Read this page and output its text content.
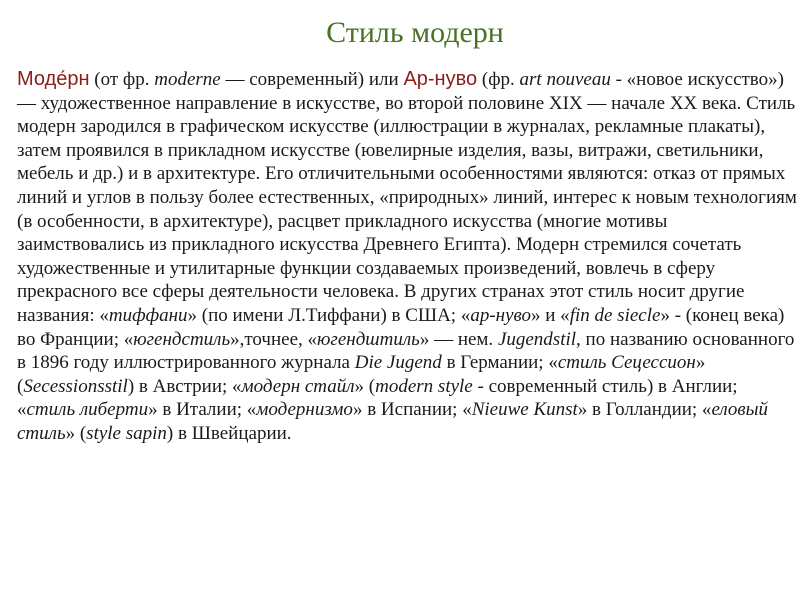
Стиль модерн

Моде́рн (от фр. moderne — современный) или Ар-нуво (фр. art nouveau - «новое искусство») — художественное направление в искусстве, во второй половине XIX — начале XX века. Стиль модерн зародился в графическом искусстве (иллюстрации в журналах, рекламные плакаты), затем проявился в прикладном искусстве (ювелирные изделия, вазы, витражи, светильники, мебель и др.) и в архитектуре. Его отличительными особенностями являются: отказ от прямых линий и углов в пользу более естественных, «природных» линий, интерес к новым технологиям (в особенности, в архитектуре), расцвет прикладного искусства (многие мотивы заимствовались из прикладного искусства Древнего Египта). Модерн стремился сочетать художественные и утилитарные функции создаваемых произведений, вовлечь в сферу прекрасного все сферы деятельности человека. В других странах этот стиль носит другие названия: «тиффани» (по имени Л.Тиффани) в США; «ар-нуво» и «fin de siecle» - (конец века) во Франции; «югендстиль»,точнее, «югендштиль» — нем. Jugendstil, по названию основанного в 1896 году иллюстрированного журнала Die Jugend в Германии; «стиль Сецессион» (Secessionsstil) в Австрии; «модерн стайл» (modern style - современный стиль) в Англии; «стиль либерти» в Италии; «модернизмо» в Испании; «Nieuwe Kunst» в Голландии; «еловый стиль» (style sapin) в Швейцарии.
